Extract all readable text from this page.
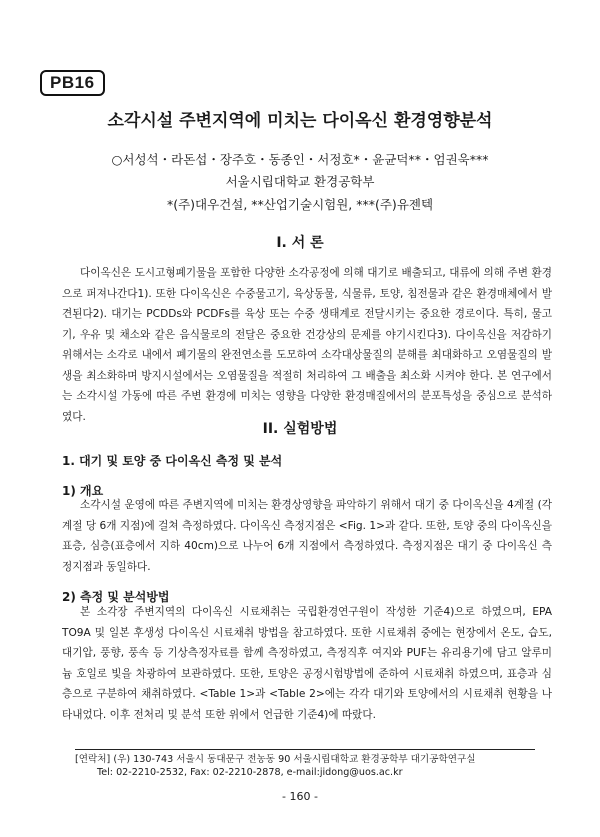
PB16
소각시설 주변지역에 미치는 다이옥신 환경영향분석
○서성석・라돈섭・장주호・동종인・서정호*・윤균덕**・엄권욱***
서울시립대학교 환경공학부
*(주)대우건설, **산업기술시험원, ***(주)유젠텍
I. 서 론

다이옥신은 도시고형폐기물을 포함한 다양한 소각공정에 의해 대기로 배출되고, 대류에 의해 주변 환경으로 퍼져나간다1). 또한 다이옥신은 수중물고기, 육상동물, 식물류, 토양, 침전물과 같은 환경매체에서 발견된다2). 대기는 PCDDs와 PCDFs를 육상 또는 수중 생태계로 전달시키는 중요한 경로이다. 특히, 물고기, 우유 및 채소와 같은 음식물로의 전달은 중요한 건강상의 문제를 야기시킨다3). 다이옥신을 저감하기 위해서는 소각로 내에서 폐기물의 완전연소를 도모하여 소각대상물질의 분해를 최대화하고 오염물질의 발생을 최소화하며 방지시설에서는 오염물질을 적절히 처리하여 그 배출을 최소화 시켜야 한다. 본 연구에서는 소각시설 가동에 따른 주변 환경에 미치는 영향을 다양한 환경매질에서의 분포특성을 중심으로 분석하였다.

II. 실험방법
1. 대기 및 토양 중 다이옥신 측정 및 분석
1) 개요

소각시설 운영에 따른 주변지역에 미치는 환경상영향을 파악하기 위해서 대기 중 다이옥신을 4계절 (각 계절 당 6개 지점)에 걸쳐 측정하였다. 다이옥신 측정지점은 <Fig. 1>과 같다. 또한, 토양 중의 다이옥신을 표층, 심층(표층에서 지하 40cm)으로 나누어 6개 지점에서 측정하였다. 측정지점은 대기 중 다이옥신 측정지점과 동일하다.

2) 측정 및 분석방법

본 소각장 주변지역의 다이옥신 시료채취는 국립환경연구원이 작성한 기준4)으로 하였으며, EPA TO9A 및 일본 후생성 다이옥신 시료채취 방법을 참고하였다. 또한 시료채취 중에는 현장에서 온도, 습도, 대기압, 풍향, 풍속 등 기상측정자료를 함께 측정하였고, 측정직후 여지와 PUF는 유리용기에 담고 알루미늄 호일로 빛을 차광하여 보관하였다. 또한, 토양은 공정시험방법에 준하여 시료채취 하였으며, 표층과 심층으로 구분하여 채취하였다. <Table 1>과 <Table 2>에는 각각 대기와 토양에서의 시료채취 현황을 나타내었다. 이후 전처리 및 분석 또한 위에서 언급한 기준4)에 따랐다.

[연락처] (우) 130-743 서울시 동대문구 전농동 90 서울시립대학교 환경공학부 대기공학연구실
Tel: 02-2210-2532, Fax: 02-2210-2878, e-mail:jidong@uos.ac.kr
- 160 -
